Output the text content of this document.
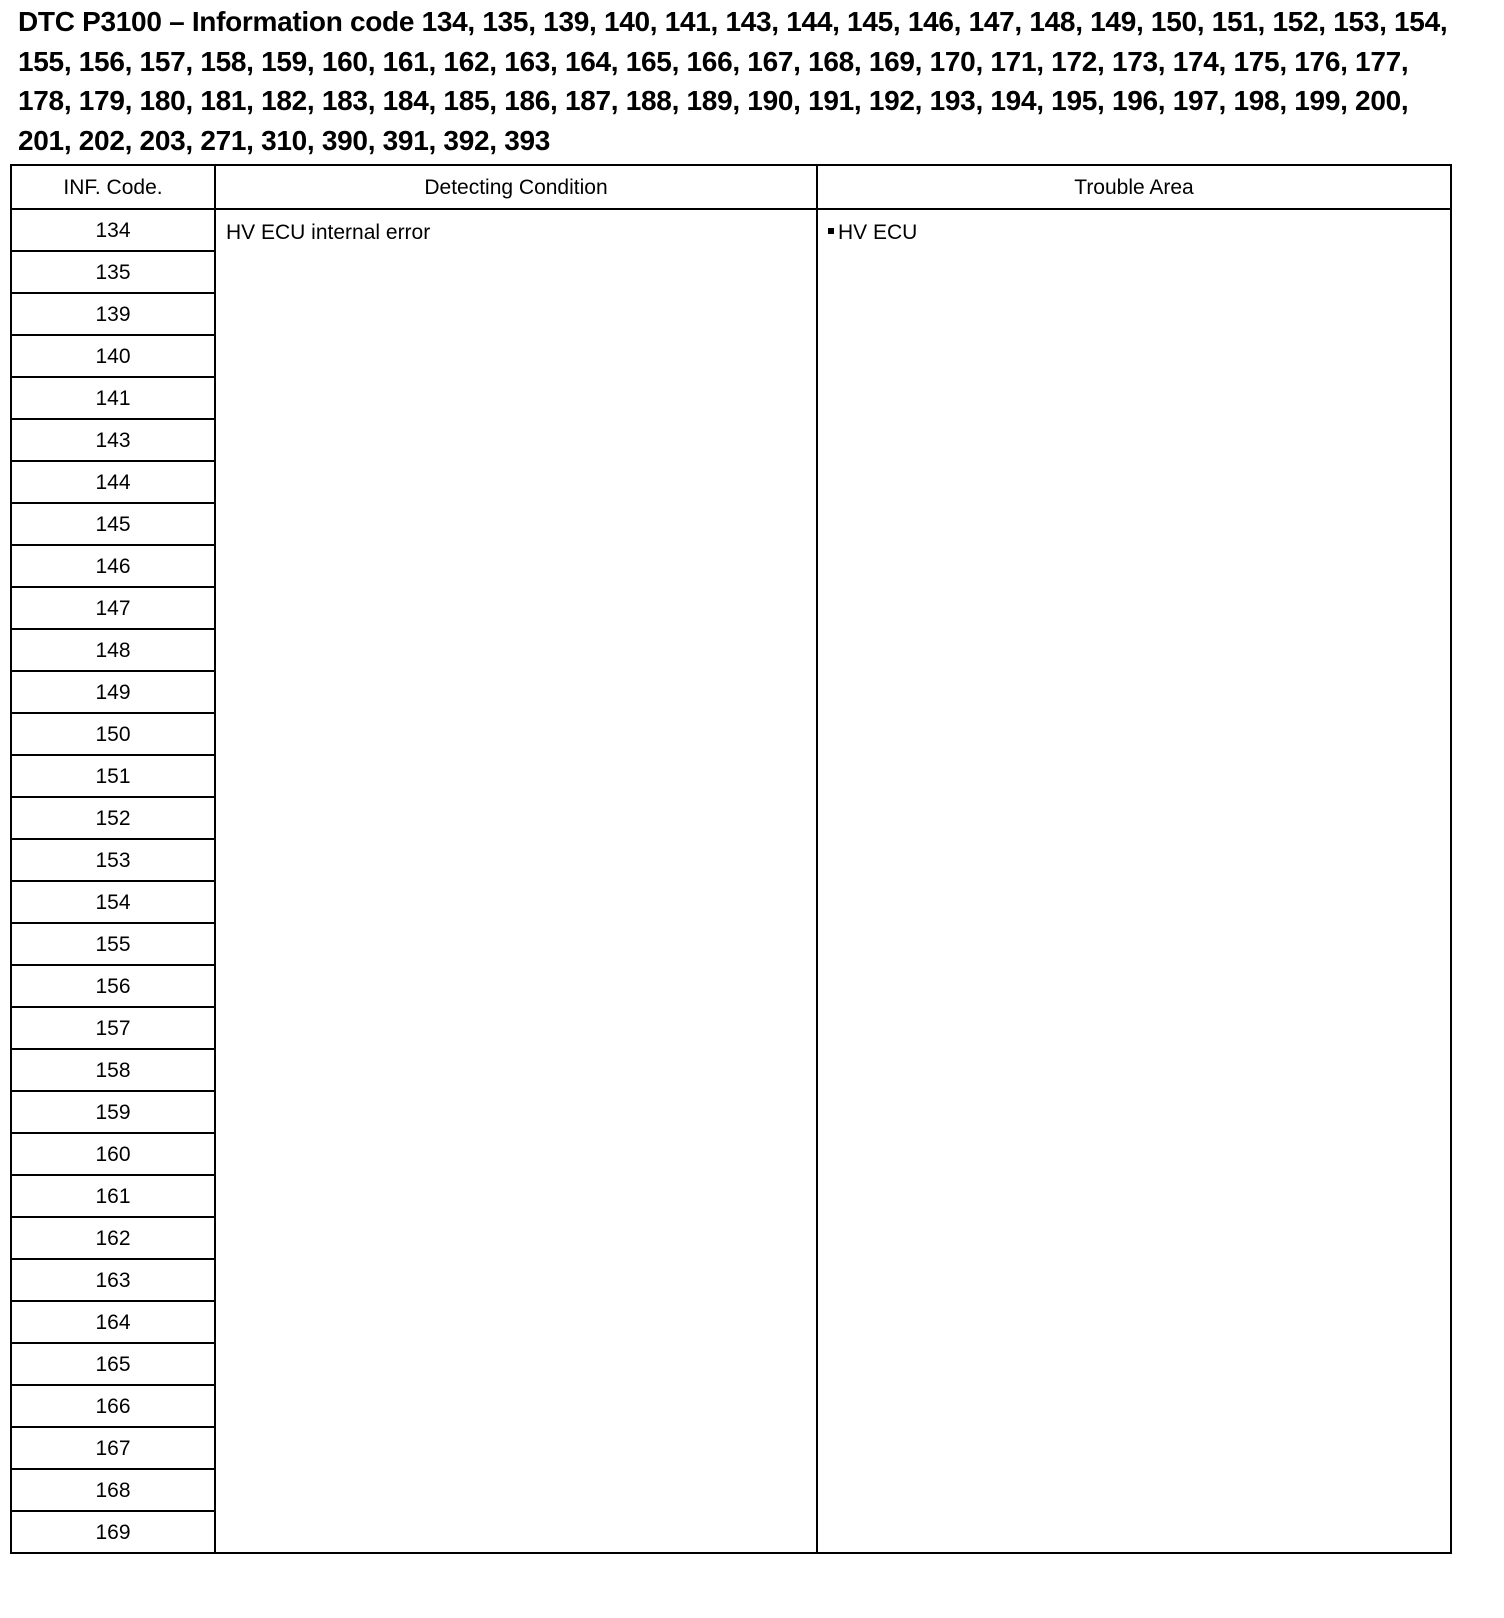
DTC P3100 – Information code 134, 135, 139, 140, 141, 143, 144, 145, 146, 147, 148, 149, 150, 151, 152, 153, 154, 155, 156, 157, 158, 159, 160, 161, 162, 163, 164, 165, 166, 167, 168, 169, 170, 171, 172, 173, 174, 175, 176, 177, 178, 179, 180, 181, 182, 183, 184, 185, 186, 187, 188, 189, 190, 191, 192, 193, 194, 195, 196, 197, 198, 199, 200, 201, 202, 203, 271, 310, 390, 391, 392, 393
INF. Code.	Detecting Condition	Trouble Area
134	HV ECU internal error	HV ECU
135		
139		
140		
141		
143		
144		
145		
146		
147		
148		
149		
150		
151		
152		
153		
154		
155		
156		
157		
158		
159		
160		
161		
162		
163		
164		
165		
166		
167		
168		
169		
